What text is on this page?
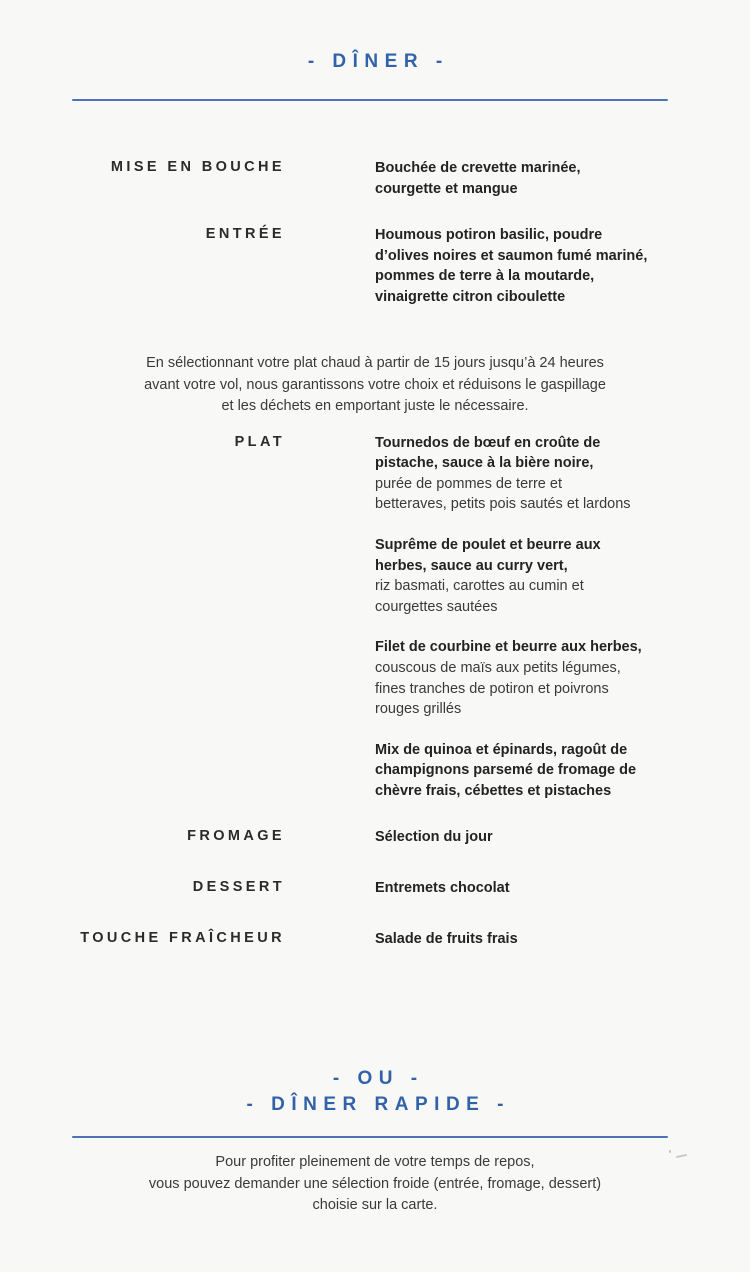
- DÎNER -
MISE EN BOUCHE	Bouchée de crevette marinée,
courgette et mangue
ENTRÉE	Houmous potiron basilic, poudre
d’olives noires et saumon fumé mariné,
pommes de terre à la moutarde,
vinaigrette citron ciboulette
PLAT	Tournedos de bœuf en croûte de
pistache, sauce à la bière noire,
purée de pommes de terre et
betteraves, petits pois sautés et lardons
Suprême de poulet et beurre aux
herbes, sauce au curry vert,
riz basmati, carottes au cumin et
courgettes sautées
Filet de courbine et beurre aux herbes,
couscous de maïs aux petits légumes,
fines tranches de potiron et poivrons
rouges grillés
Mix de quinoa et épinards, ragoût de
champignons parsemé de fromage de
chèvre frais, cébettes et pistaches
FROMAGE	Sélection du jour
DESSERT	Entremets chocolat
TOUCHE FRAÎCHEUR	Salade de fruits frais
En sélectionnant votre plat chaud à partir de 15 jours jusqu’à 24 heures
avant votre vol, nous garantissons votre choix et réduisons le gaspillage
et les déchets en emportant juste le nécessaire.
- OU -
- DÎNER RAPIDE -
Pour profiter pleinement de votre temps de repos,
vous pouvez demander une sélection froide (entrée, fromage, dessert)
choisie sur la carte.
